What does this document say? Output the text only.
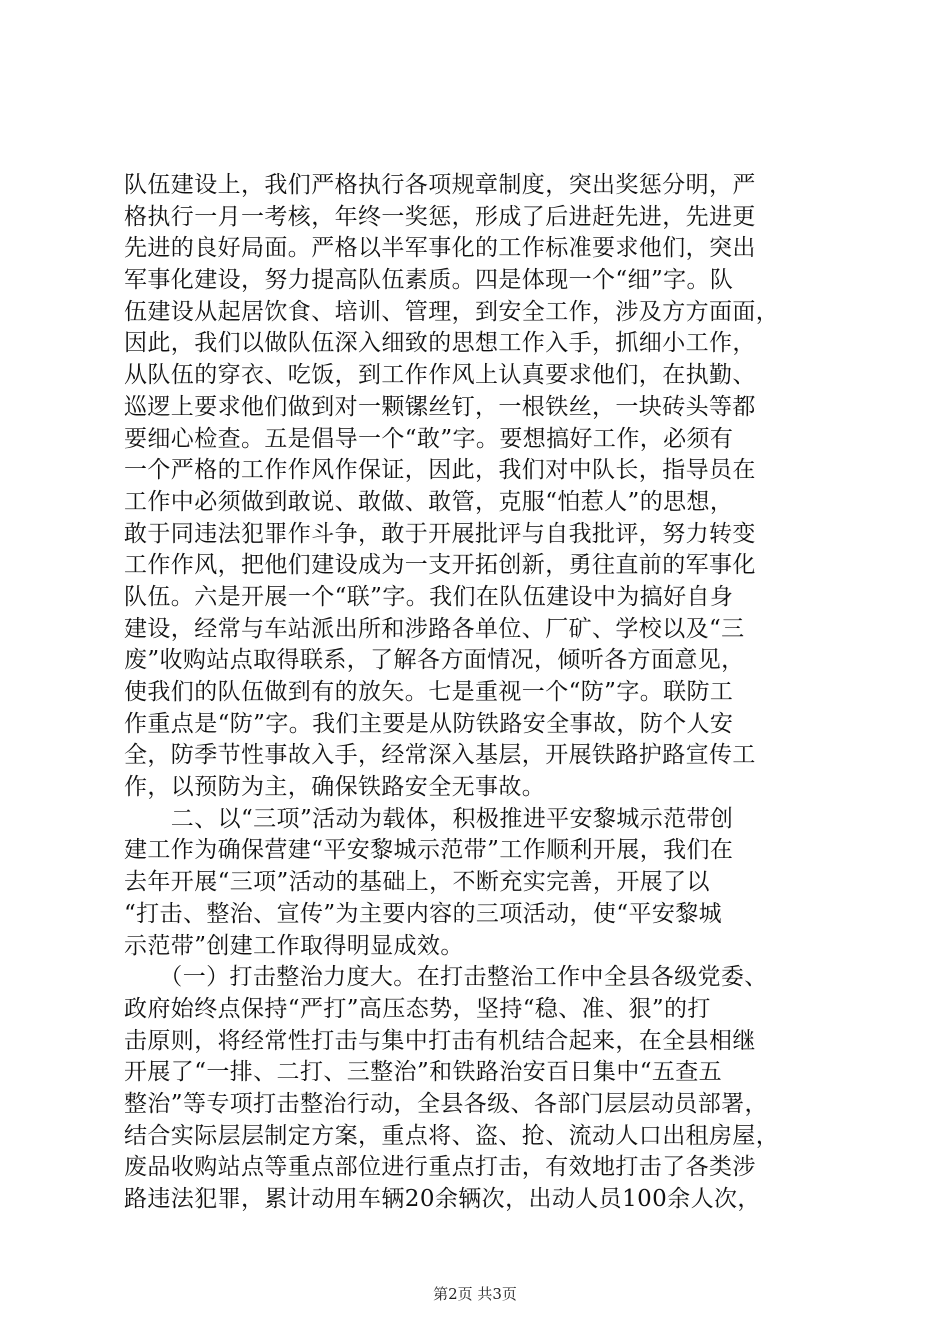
队伍建设上，我们严格执行各项规章制度，突出奖惩分明，严
格执行一月一考核，年终一奖惩，形成了后进赶先进，先进更
先进的良好局面。严格以半军事化的工作标准要求他们，突出
军事化建设，努力提高队伍素质。四是体现一个“细”字。队
伍建设从起居饮食、培训、管理，到安全工作，涉及方方面面，
因此，我们以做队伍深入细致的思想工作入手，抓细小工作，
从队伍的穿衣、吃饭，到工作作风上认真要求他们，在执勤、
巡逻上要求他们做到对一颗镙丝钉，一根铁丝，一块砖头等都
要细心检查。五是倡导一个“敢”字。要想搞好工作，必须有
一个严格的工作作风作保证，因此，我们对中队长，指导员在
工作中必须做到敢说、敢做、敢管，克服“怕惹人”的思想，
敢于同违法犯罪作斗争，敢于开展批评与自我批评，努力转变
工作作风，把他们建设成为一支开拓创新，勇往直前的军事化
队伍。六是开展一个“联”字。我们在队伍建设中为搞好自身
建设，经常与车站派出所和涉路各单位、厂矿、学校以及“三
废”收购站点取得联系，了解各方面情况，倾听各方面意见，
使我们的队伍做到有的放矢。七是重视一个“防”字。联防工
作重点是“防”字。我们主要是从防铁路安全事故，防个人安
全，防季节性事故入手，经常深入基层，开展铁路护路宣传工
作，以预防为主，确保铁路安全无事故。
　　二、以“三项”活动为载体，积极推进平安黎城示范带创
建工作为确保营建“平安黎城示范带”工作顺利开展，我们在
去年开展“三项”活动的基础上，不断充实完善，开展了以
“打击、整治、宣传”为主要内容的三项活动，使“平安黎城
示范带”创建工作取得明显成效。
　　（一）打击整治力度大。在打击整治工作中全县各级党委、
政府始终点保持“严打”高压态势，坚持“稳、准、狠”的打
击原则，将经常性打击与集中打击有机结合起来，在全县相继
开展了“一排、二打、三整治”和铁路治安百日集中“五查五
整治”等专项打击整治行动，全县各级、各部门层层动员部署，
结合实际层层制定方案，重点将、盗、抢、流动人口出租房屋，
废品收购站点等重点部位进行重点打击，有效地打击了各类涉
路违法犯罪，累计动用车辆20余辆次，出动人员100余人次，
第2页 共3页
